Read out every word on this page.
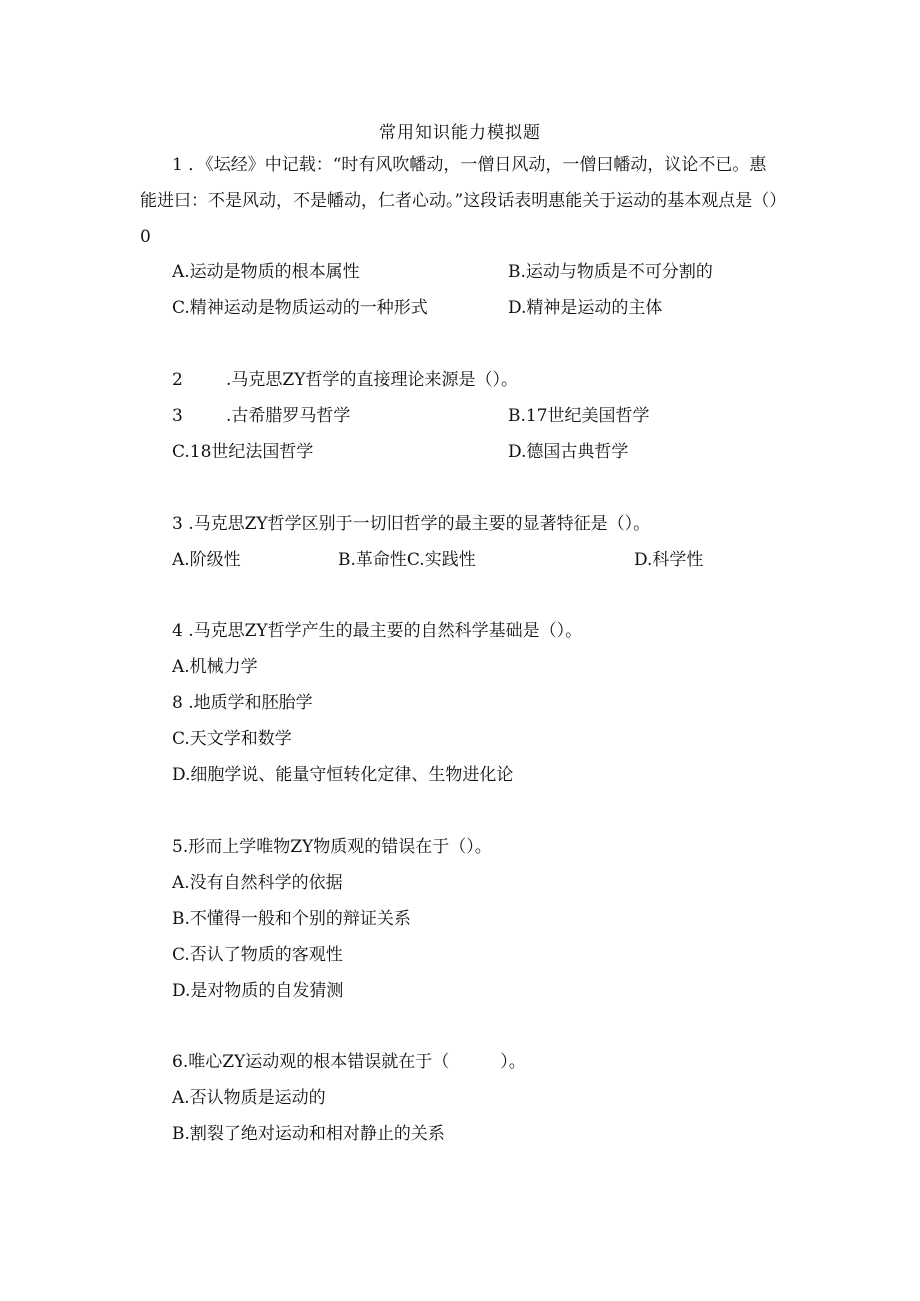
常用知识能力模拟题
1 ．《坛经》中记载：“时有风吹幡动，一僧日风动，一僧曰幡动，议论不已。惠能进曰：不是风动，不是幡动，仁者心动。”这段话表明惠能关于运动的基本观点是（）0
A.运动是物质的根本属性	B.运动与物质是不可分割的
C.精神运动是物质运动的一种形式	D.精神是运动的主体
2	.马克思ZY哲学的直接理论来源是（）。
3	.古希腊罗马哲学	B.17世纪美国哲学
C.18世纪法国哲学	D.德国古典哲学
3 .马克思ZY哲学区别于一切旧哲学的最主要的显著特征是（）。
A.阶级性	B.革命性C.实践性	D.科学性
4 .马克思ZY哲学产生的最主要的自然科学基础是（）。
A.机械力学
8 .地质学和胚胎学
C.天文学和数学
D.细胞学说、能量守恒转化定律、生物进化论
5.形而上学唯物ZY物质观的错误在于（）。
A.没有自然科学的依据
B.不懂得一般和个别的辩证关系
C.否认了物质的客观性
D.是对物质的自发猜测
6.唯心ZY运动观的根本错误就在于（　　　）。
A.否认物质是运动的
B.割裂了绝对运动和相对静止的关系
